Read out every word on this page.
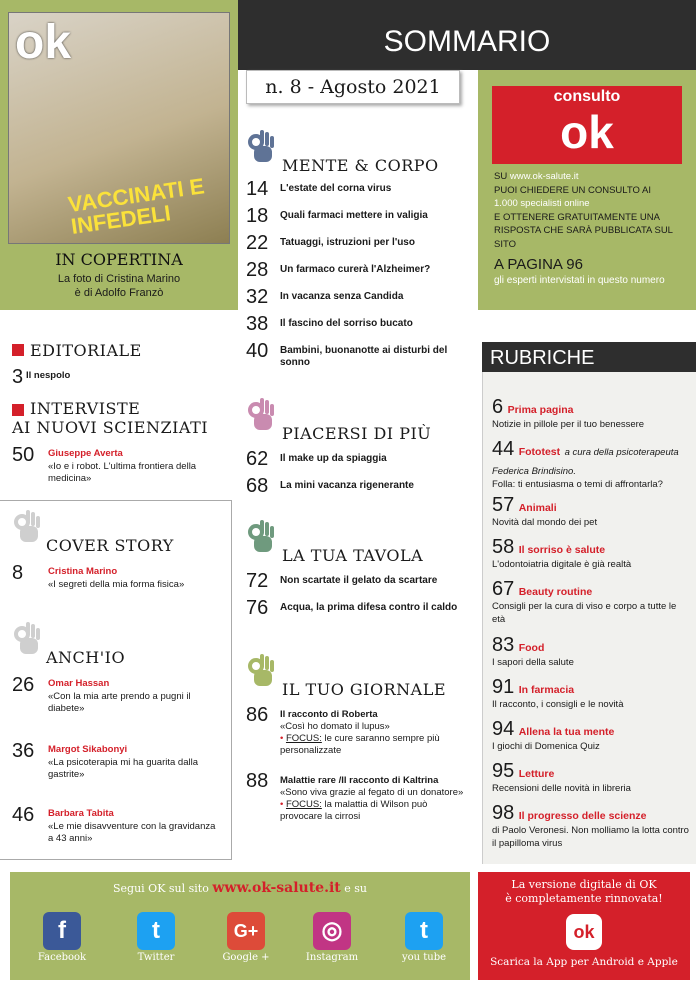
ok
VACCINATI E INFEDELI
IN COPERTINA
La foto di Cristina Marino
è di Adolfo Franzò
SOMMARIO
n. 8 - Agosto 2021	consulto
ok
SU www.ok-salute.it
PUOI CHIEDERE UN CONSULTO AI
1.000 specialisti online
E OTTENERE GRATUITAMENTE UNA
RISPOSTA CHE SARÀ PUBBLICATA SUL SITO
A PAGINA 96
gli esperti intervistati in questo numero
MENTE & CORPO
14	L'estate del corna virus
18	Quali farmaci mettere in valigia
22	Tatuaggi, istruzioni per l'uso
28	Un farmaco curerà l'Alzheimer?
32	In vacanza senza Candida
38	Il fascino del sorriso bucato
40	Bambini, buonanotte ai disturbi del sonno
PIACERSI DI PIÙ
62	Il make up da spiaggia
68	La mini vacanza rigenerante
LA TUA TAVOLA
72	Non scartate il gelato da scartare
76	Acqua, la prima difesa contro il caldo
IL TUO GIORNALE
86	Il racconto di Roberta
«Così ho domato il lupus»
• FOCUS: le cure saranno sempre più personalizzate
88	Malattie rare /Il racconto di Kaltrina
«Sono viva grazie al fegato di un donatore»
• FOCUS: la malattia di Wilson può provocare la cirrosi
EDITORIALE
3 Il nespolo
INTERVISTE
AI NUOVI SCIENZIATI
50	Giuseppe Averta
«Io e i robot. L'ultima frontiera della medicina»
COVER STORY
8	Cristina Marino
«I segreti della mia forma fisica»
ANCH'IO
26	Omar Hassan
«Con la mia arte prendo a pugni il diabete»
36	Margot Sikabonyi
«La psicoterapia mi ha guarita dalla gastrite»
46	Barbara Tabita
«Le mie disavventure con la gravidanza a 43 anni»
RUBRICHE
6 Prima pagina
Notizie in pillole per il tuo benessere
44 Fototest a cura della psicoterapeuta Federica Brindisino.
Folla: ti entusiasma o temi di affrontarla?
57 Animali
Novità dal mondo dei pet
58 Il sorriso è salute
L'odontoiatria digitale è già realtà
67 Beauty routine
Consigli per la cura di viso e corpo a tutte le età
83 Food
I sapori della salute
91 In farmacia
Il racconto, i consigli e le novità
94 Allena la tua mente
I giochi di Domenica Quiz
95 Letture
Recensioni delle novità in libreria
98 Il progresso delle scienze
di Paolo Veronesi. Non molliamo la lotta contro il papilloma virus
Segui OK sul sito www.ok-salute.it e su
f
Facebook
t
Twitter
G+
Google +
◎
Instagram
t
you tube
La versione digitale di OK
è completamente rinnovata!
ok
Scarica la App per Android e Apple
